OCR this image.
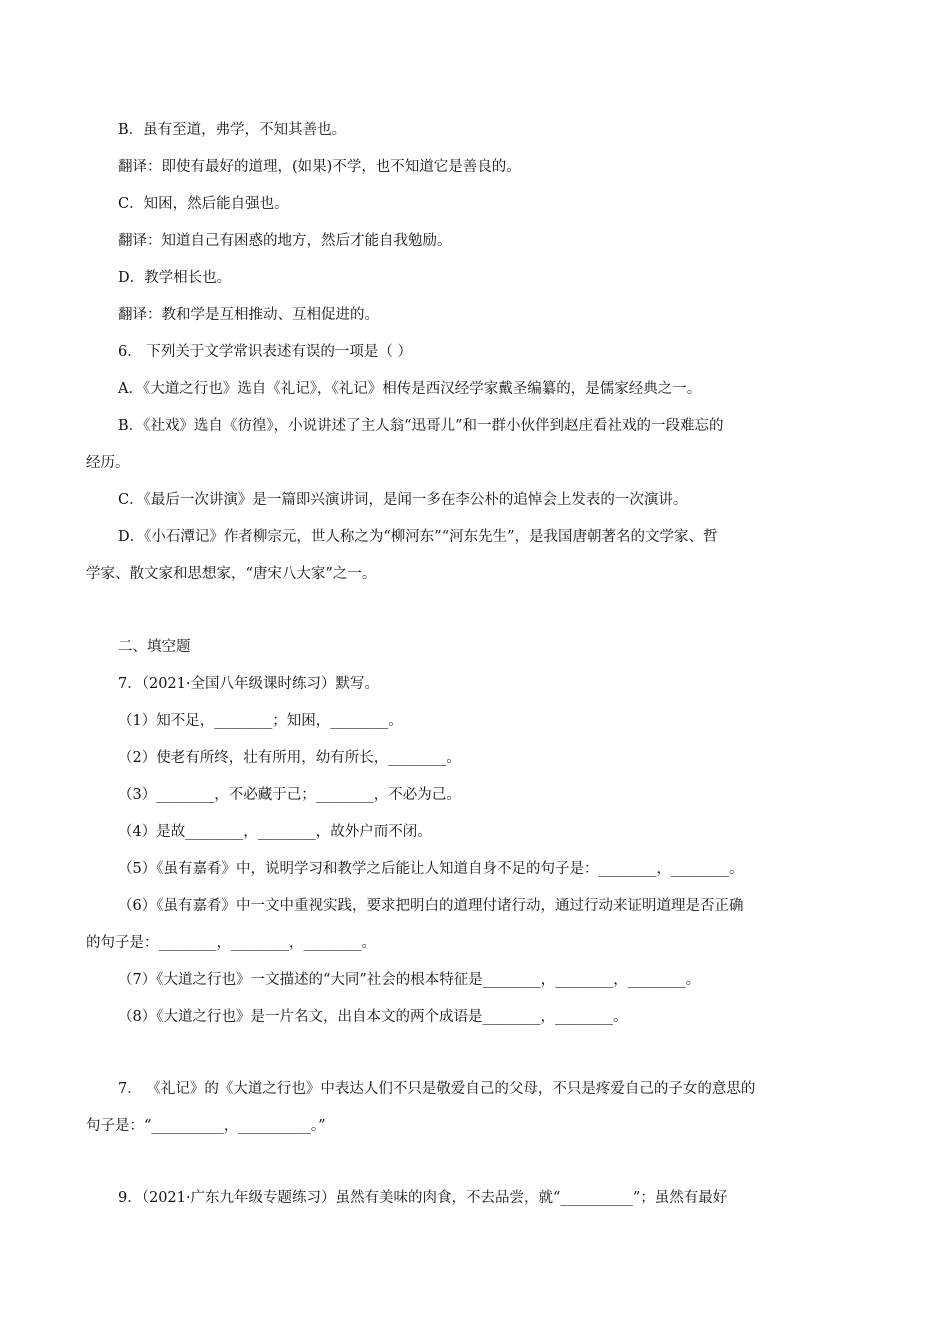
B．虽有至道，弗学，不知其善也。
翻译：即使有最好的道理，(如果)不学，也不知道它是善良的。
C．知困，然后能自强也。
翻译：知道自己有困惑的地方，然后才能自我勉励。
D．教学相长也。
翻译：教和学是互相推动、互相促进的。
6． 下列关于文学常识表述有误的一项是（ ）
A．《大道之行也》选自《礼记》，《礼记》相传是西汉经学家戴圣编纂的，是儒家经典之一。
B．《社戏》选自《彷徨》，小说讲述了主人翁“迅哥儿”和一群小伙伴到赵庄看社戏的一段难忘的
经历。
C．《最后一次讲演》是一篇即兴演讲词，是闻一多在李公朴的追悼会上发表的一次演讲。
D．《小石潭记》作者柳宗元，世人称之为“柳河东”“河东先生”，是我国唐朝著名的文学家、哲
学家、散文家和思想家，“唐宋八大家”之一。
二、填空题
7．（2021·全国八年级课时练习）默写。
（1）知不足，________；知困，________。
（2）使老有所终，壮有所用，幼有所长，________。
（3）________，不必藏于己；________，不必为己。
（4）是故________，________，故外户而不闭。
（5）《虽有嘉肴》中，说明学习和教学之后能让人知道自身不足的句子是：________，________。
（6）《虽有嘉肴》中一文中重视实践，要求把明白的道理付诸行动，通过行动来证明道理是否正确
的句子是：________，________，________。
（7）《大道之行也》一文描述的“大同”社会的根本特征是________，________，________。
（8）《大道之行也》是一片名文，出自本文的两个成语是________，________。
7． 《礼记》的《大道之行也》中表达人们不只是敬爱自己的父母，不只是疼爱自己的子女的意思的
句子是：“__________，__________。”
9．（2021·广东九年级专题练习）虽然有美味的肉食，不去品尝，就“__________”；虽然有最好
